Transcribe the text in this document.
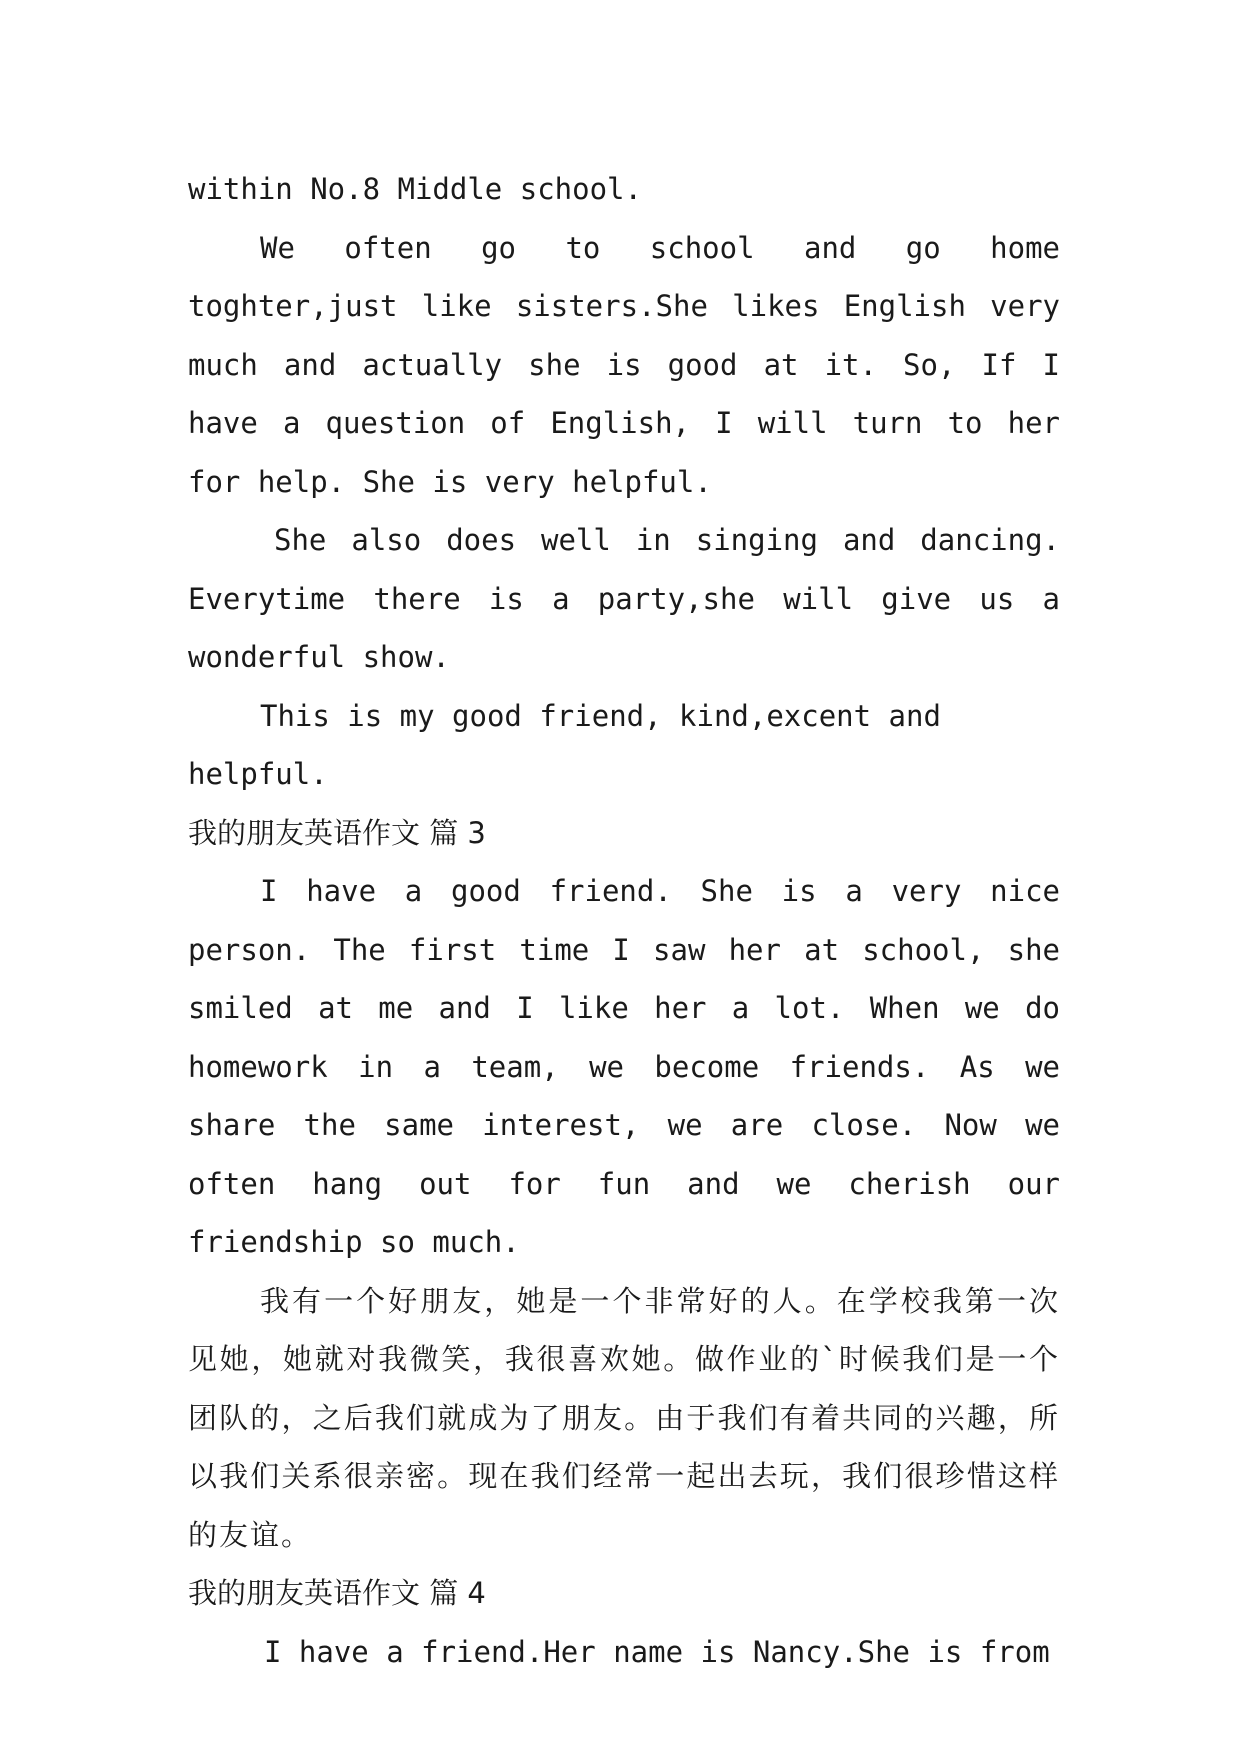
within No.8 Middle school.

We often go to school and go home toghter,just like sisters.She likes English very much and actually she is good at it. So, If I have a question of English, I will turn to her for help. She is very helpful.

She also does well in singing and dancing. Everytime there is a party,she will give us a wonderful show.

This is my good friend, kind,excent and helpful.

我的朋友英语作文 篇 3

I have a good friend. She is a very nice person. The first time I saw her at school, she smiled at me and I like her a lot. When we do homework in a team, we become friends. As we share the same interest, we are close. Now we often hang out for fun and we cherish our friendship so much.

我有一个好朋友，她是一个非常好的人。在学校我第一次见她，她就对我微笑，我很喜欢她。做作业的`时候我们是一个团队的，之后我们就成为了朋友。由于我们有着共同的兴趣，所以我们关系很亲密。现在我们经常一起出去玩，我们很珍惜这样的友谊。

我的朋友英语作文 篇 4

I have a friend.Her name is Nancy.She is from
